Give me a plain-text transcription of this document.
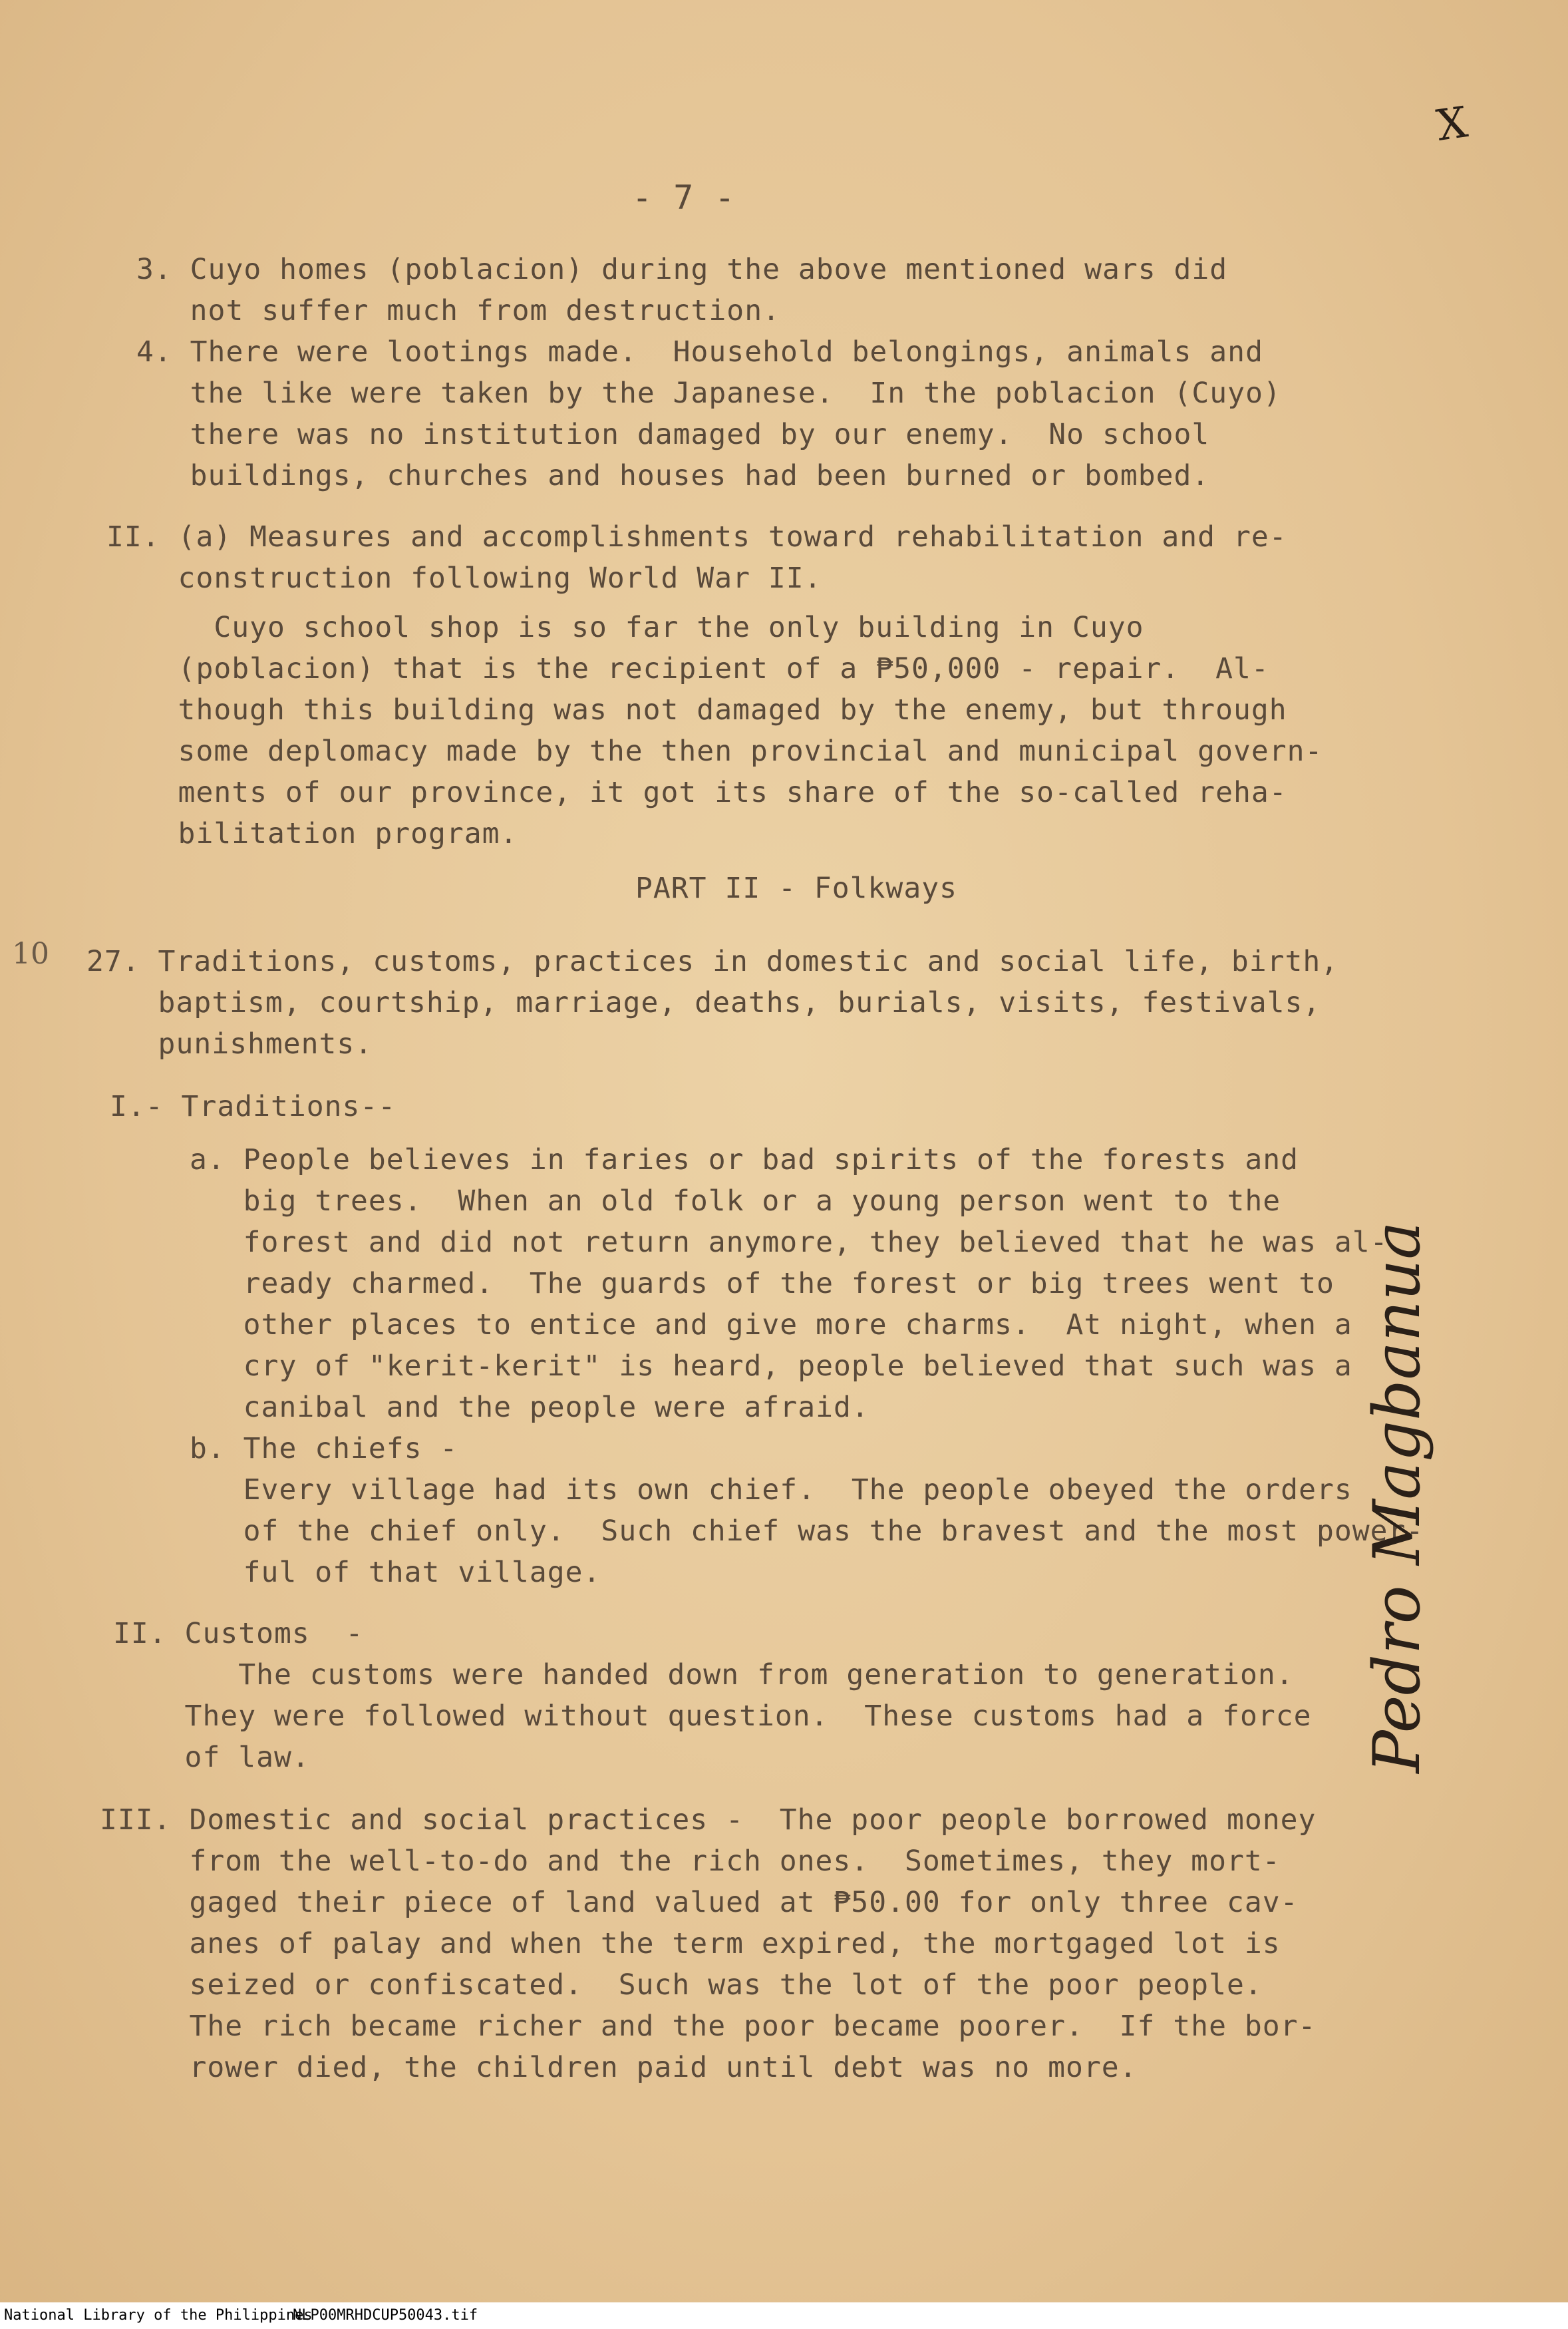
X
- 7 -
3. Cuyo homes (poblacion) during the above mentioned wars did
not suffer much from destruction.
4. There were lootings made.  Household belongings, animals and
the like were taken by the Japanese.  In the poblacion (Cuyo)
there was no institution damaged by our enemy.  No school
buildings, churches and houses had been burned or bombed.
II. (a) Measures and accomplishments toward rehabilitation and re-
construction following World War II.
Cuyo school shop is so far the only building in Cuyo
(poblacion) that is the recipient of a ₱50,000 - repair.  Al-
though this building was not damaged by the enemy, but through
some deplomacy made by the then provincial and municipal govern-
ments of our province, it got its share of the so-called reha-
bilitation program.
PART II - Folkways
10 27. Traditions, customs, practices in domestic and social life, birth,
baptism, courtship, marriage, deaths, burials, visits, festivals,
punishments.
I.- Traditions--
a. People believes in faries or bad spirits of the forests and
big trees.  When an old folk or a young person went to the
forest and did not return anymore, they believed that he was al-
ready charmed.  The guards of the forest or big trees went to
other places to entice and give more charms.  At night, when a
cry of "kerit-kerit" is heard, people believed that such was a
canibal and the people were afraid.
b. The chiefs -
Every village had its own chief.  The people obeyed the orders
of the chief only.  Such chief was the bravest and the most power-
ful of that village.
II. Customs  -
The customs were handed down from generation to generation.
They were followed without question.  These customs had a force
of law.
III. Domestic and social practices -  The poor people borrowed money
from the well-to-do and the rich ones.  Sometimes, they mort-
gaged their piece of land valued at ₱50.00 for only three cav-
anes of palay and when the term expired, the mortgaged lot is
seized or confiscated.  Such was the lot of the poor people.
The rich became richer and the poor became poorer.  If the bor-
rower died, the children paid until debt was no more.
Pedro Magbanua
National Library of the Philippines
NLP00MRHDCUP50043.tif
